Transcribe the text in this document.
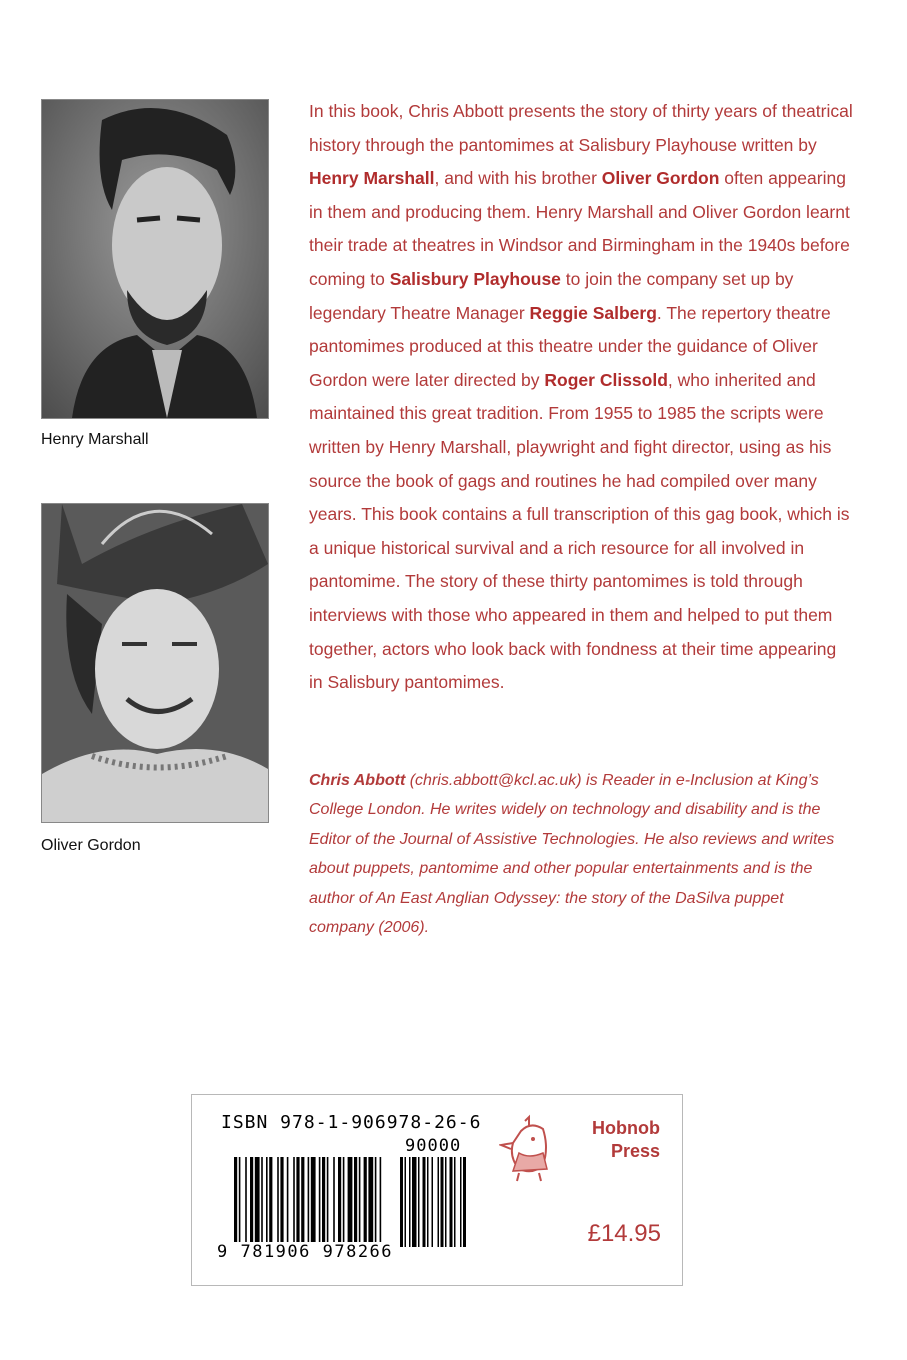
Henry Marshall
Oliver Gordon
In this book, Chris Abbott presents the story of thirty years of theatrical history through the pantomimes at Salisbury Playhouse written by Henry Marshall, and with his brother Oliver Gordon often appearing in them and producing them. Henry Marshall and Oliver Gordon learnt their trade at theatres in Windsor and Birmingham in the 1940s before coming to Salisbury Playhouse to join the company set up by legendary Theatre Manager Reggie Salberg. The repertory theatre pantomimes produced at this theatre under the guidance of Oliver Gordon were later directed by Roger Clissold, who inherited and maintained this great tradition. From 1955 to 1985 the scripts were written by Henry Marshall, playwright and fight director, using as his source the book of gags and routines he had compiled over many years. This book contains a full transcription of this gag book, which is a unique historical survival and a rich resource for all involved in pantomime. The story of these thirty pantomimes is told through interviews with those who appeared in them and helped to put them together, actors who look back with fondness at their time appearing in Salisbury pantomimes.
Chris Abbott (chris.abbott@kcl.ac.uk) is Reader in e-Inclusion at King’s College London. He writes widely on technology and disability and is the Editor of the Journal of Assistive Technologies. He also reviews and writes about puppets, pantomime and other popular entertainments and is the author of An East Anglian Odyssey: the story of the DaSilva puppet company (2006).
ISBN 978-1-906978-26-6
90000
9 781906 978266
Hobnob
Press
£14.95
